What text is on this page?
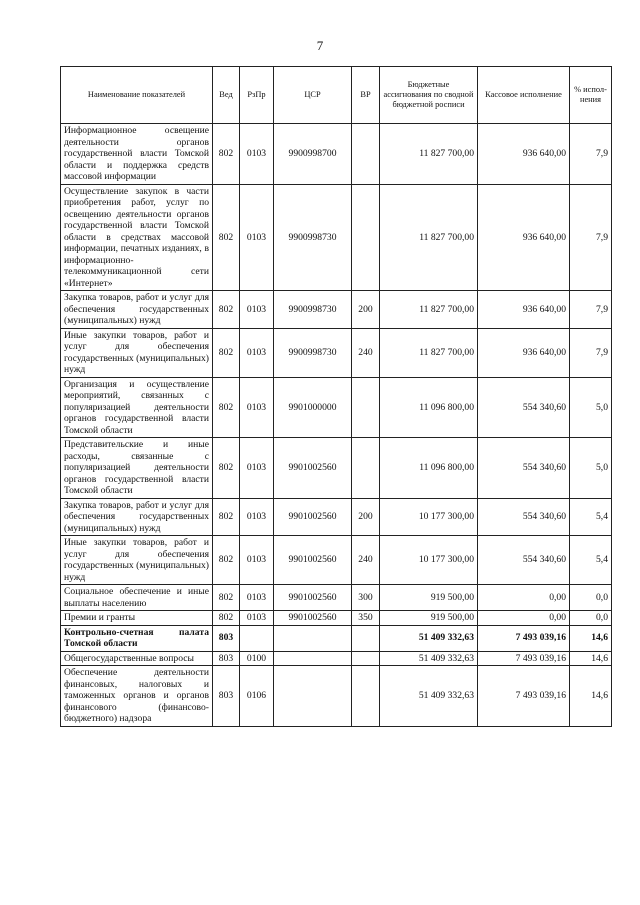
7
Наименование показателей	Вед	РзПр	ЦСР	ВР	Бюджетные ассигнования по сводной бюджетной росписи	Кассовое исполнение	% испол-нения
Информационное освещение деятельности органов государственной власти Томской области и поддержка средств массовой информации	802	0103	9900998700		11 827 700,00	936 640,00	7,9
Осуществление закупок в части приобретения работ, услуг по освещению деятельности органов государственной власти Томской области в средствах массовой информации, печатных изданиях, в информационно-телекоммуникационной сети «Интернет»	802	0103	9900998730		11 827 700,00	936 640,00	7,9
Закупка товаров, работ и услуг для обеспечения государственных (муниципальных) нужд	802	0103	9900998730	200	11 827 700,00	936 640,00	7,9
Иные закупки товаров, работ и услуг для обеспечения государственных (муниципальных) нужд	802	0103	9900998730	240	11 827 700,00	936 640,00	7,9
Организация и осуществление мероприятий, связанных с популяризацией деятельности органов государственной власти Томской области	802	0103	9901000000		11 096 800,00	554 340,60	5,0
Представительские и иные расходы, связанные с популяризацией деятельности органов государственной власти Томской области	802	0103	9901002560		11 096 800,00	554 340,60	5,0
Закупка товаров, работ и услуг для обеспечения государственных (муниципальных) нужд	802	0103	9901002560	200	10 177 300,00	554 340,60	5,4
Иные закупки товаров, работ и услуг для обеспечения государственных (муниципальных) нужд	802	0103	9901002560	240	10 177 300,00	554 340,60	5,4
Социальное обеспечение и иные выплаты населению	802	0103	9901002560	300	919 500,00	0,00	0,0
Премии и гранты	802	0103	9901002560	350	919 500,00	0,00	0,0
Контрольно-счетная палата Томской области	803				51 409 332,63	7 493 039,16	14,6
Общегосударственные вопросы	803	0100			51 409 332,63	7 493 039,16	14,6
Обеспечение деятельности финансовых, налоговых и таможенных органов и органов финансового (финансово-бюджетного) надзора	803	0106			51 409 332,63	7 493 039,16	14,6
